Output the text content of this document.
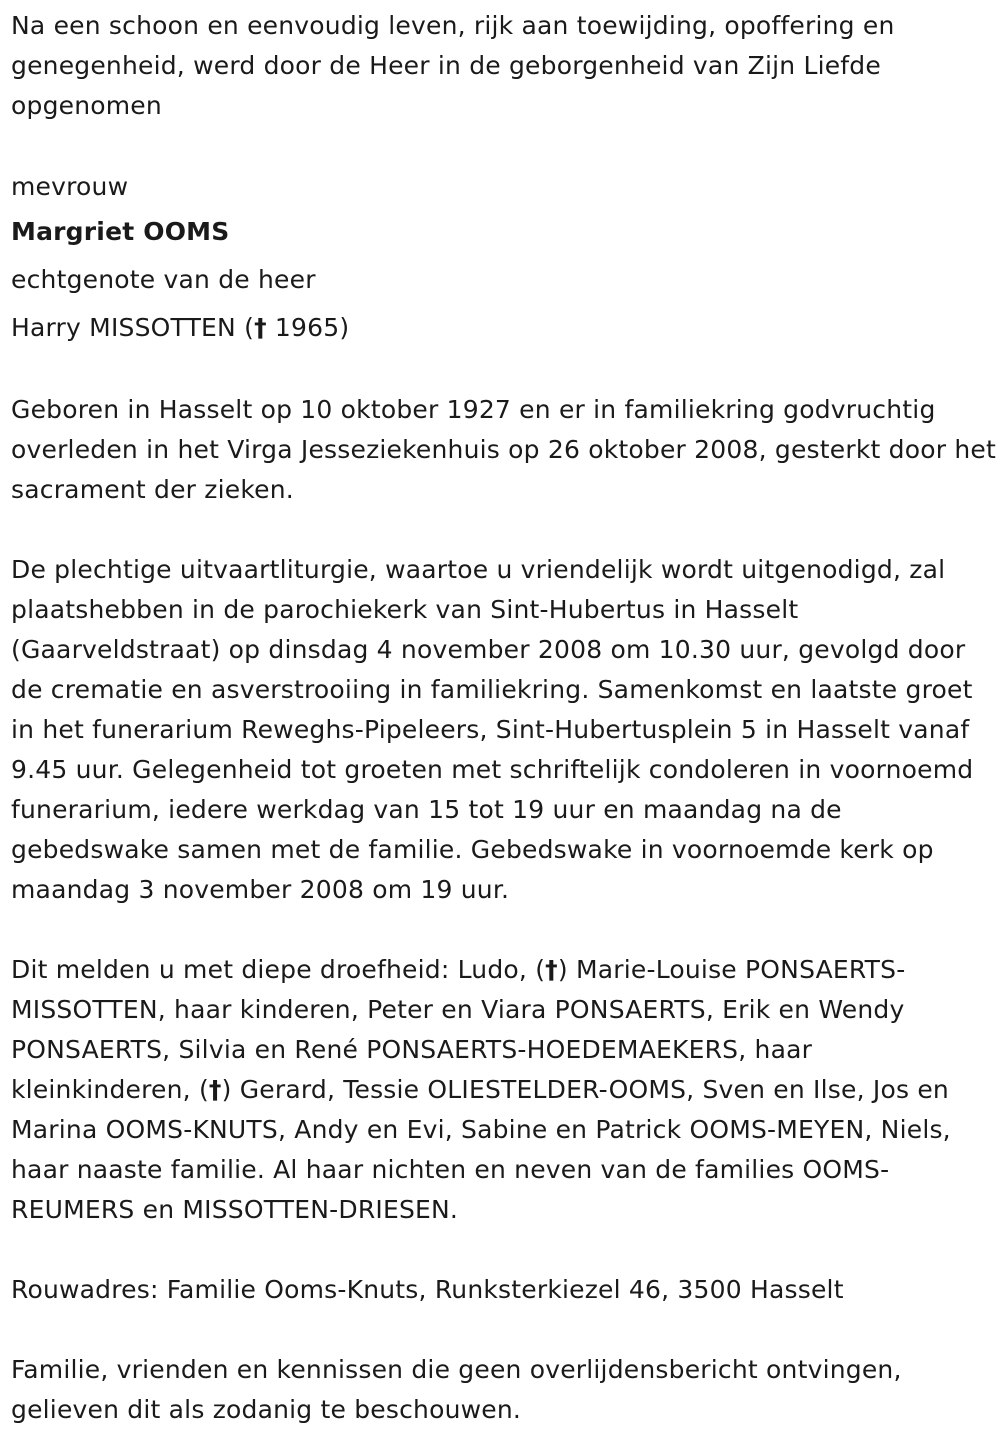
Na een schoon en eenvoudig leven, rijk aan toewijding, opoffering en genegenheid, werd door de Heer in de geborgenheid van Zijn Liefde opgenomen

mevrouw

Margriet OOMS

echtgenote van de heer

Harry MISSOTTEN († 1965)

Geboren in Hasselt op 10 oktober 1927 en er in familiekring godvruchtig overleden in het Virga Jesseziekenhuis op 26 oktober 2008, gesterkt door het sacrament der zieken.

De plechtige uitvaartliturgie, waartoe u vriendelijk wordt uitgenodigd, zal plaatshebben in de parochiekerk van Sint-Hubertus in Hasselt (Gaarveldstraat) op dinsdag 4 november 2008 om 10.30 uur, gevolgd door de crematie en asverstrooiing in familiekring. Samenkomst en laatste groet in het funerarium Reweghs-Pipeleers, Sint-Hubertusplein 5 in Hasselt vanaf 9.45 uur. Gelegenheid tot groeten met schriftelijk condoleren in voornoemd funerarium, iedere werkdag van 15 tot 19 uur en maandag na de gebedswake samen met de familie. Gebedswake in voornoemde kerk op maandag 3 november 2008 om 19 uur.

Dit melden u met diepe droefheid: Ludo, (†) Marie-Louise PONSAERTS-MISSOTTEN, haar kinderen, Peter en Viara PONSAERTS, Erik en Wendy PONSAERTS, Silvia en René PONSAERTS-HOEDEMAEKERS, haar kleinkinderen, (†) Gerard, Tessie OLIESTELDER-OOMS, Sven en Ilse, Jos en Marina OOMS-KNUTS, Andy en Evi, Sabine en Patrick OOMS-MEYEN, Niels, haar naaste familie. Al haar nichten en neven van de families OOMS-REUMERS en MISSOTTEN-DRIESEN.

Rouwadres: Familie Ooms-Knuts, Runksterkiezel 46, 3500 Hasselt

Familie, vrienden en kennissen die geen overlijdensbericht ontvingen, gelieven dit als zodanig te beschouwen.
